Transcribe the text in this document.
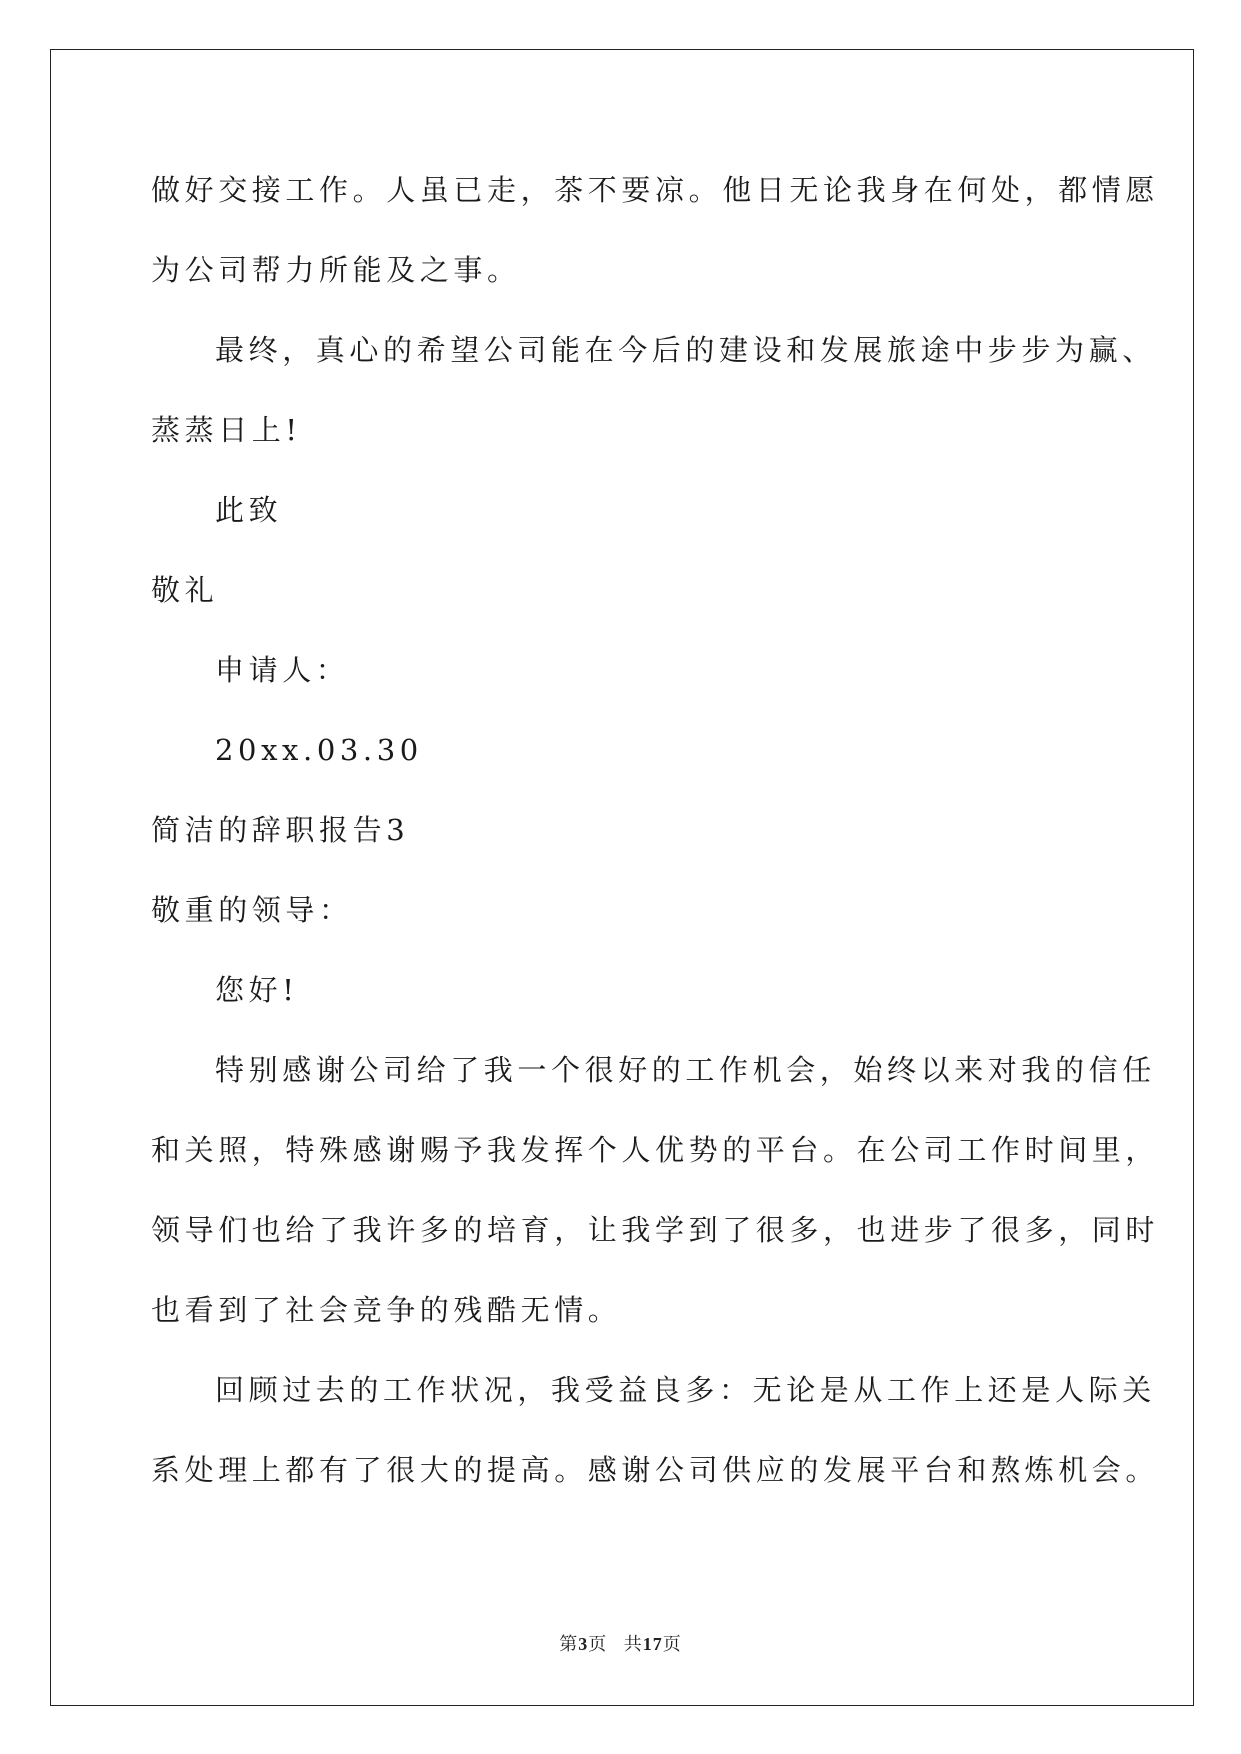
做好交接工作。人虽已走，茶不要凉。他日无论我身在何处，都情愿
为公司帮力所能及之事。
最终，真心的希望公司能在今后的建设和发展旅途中步步为赢、
蒸蒸日上!
此致
敬礼
申请人：
20xx.03.30
简洁的辞职报告3
敬重的领导：
您好!
特别感谢公司给了我一个很好的工作机会，始终以来对我的信任
和关照，特殊感谢赐予我发挥个人优势的平台。在公司工作时间里，
领导们也给了我许多的培育，让我学到了很多，也进步了很多，同时
也看到了社会竞争的残酷无情。
回顾过去的工作状况，我受益良多：无论是从工作上还是人际关
系处理上都有了很大的提高。感谢公司供应的发展平台和熬炼机会。
第3页 共17页
